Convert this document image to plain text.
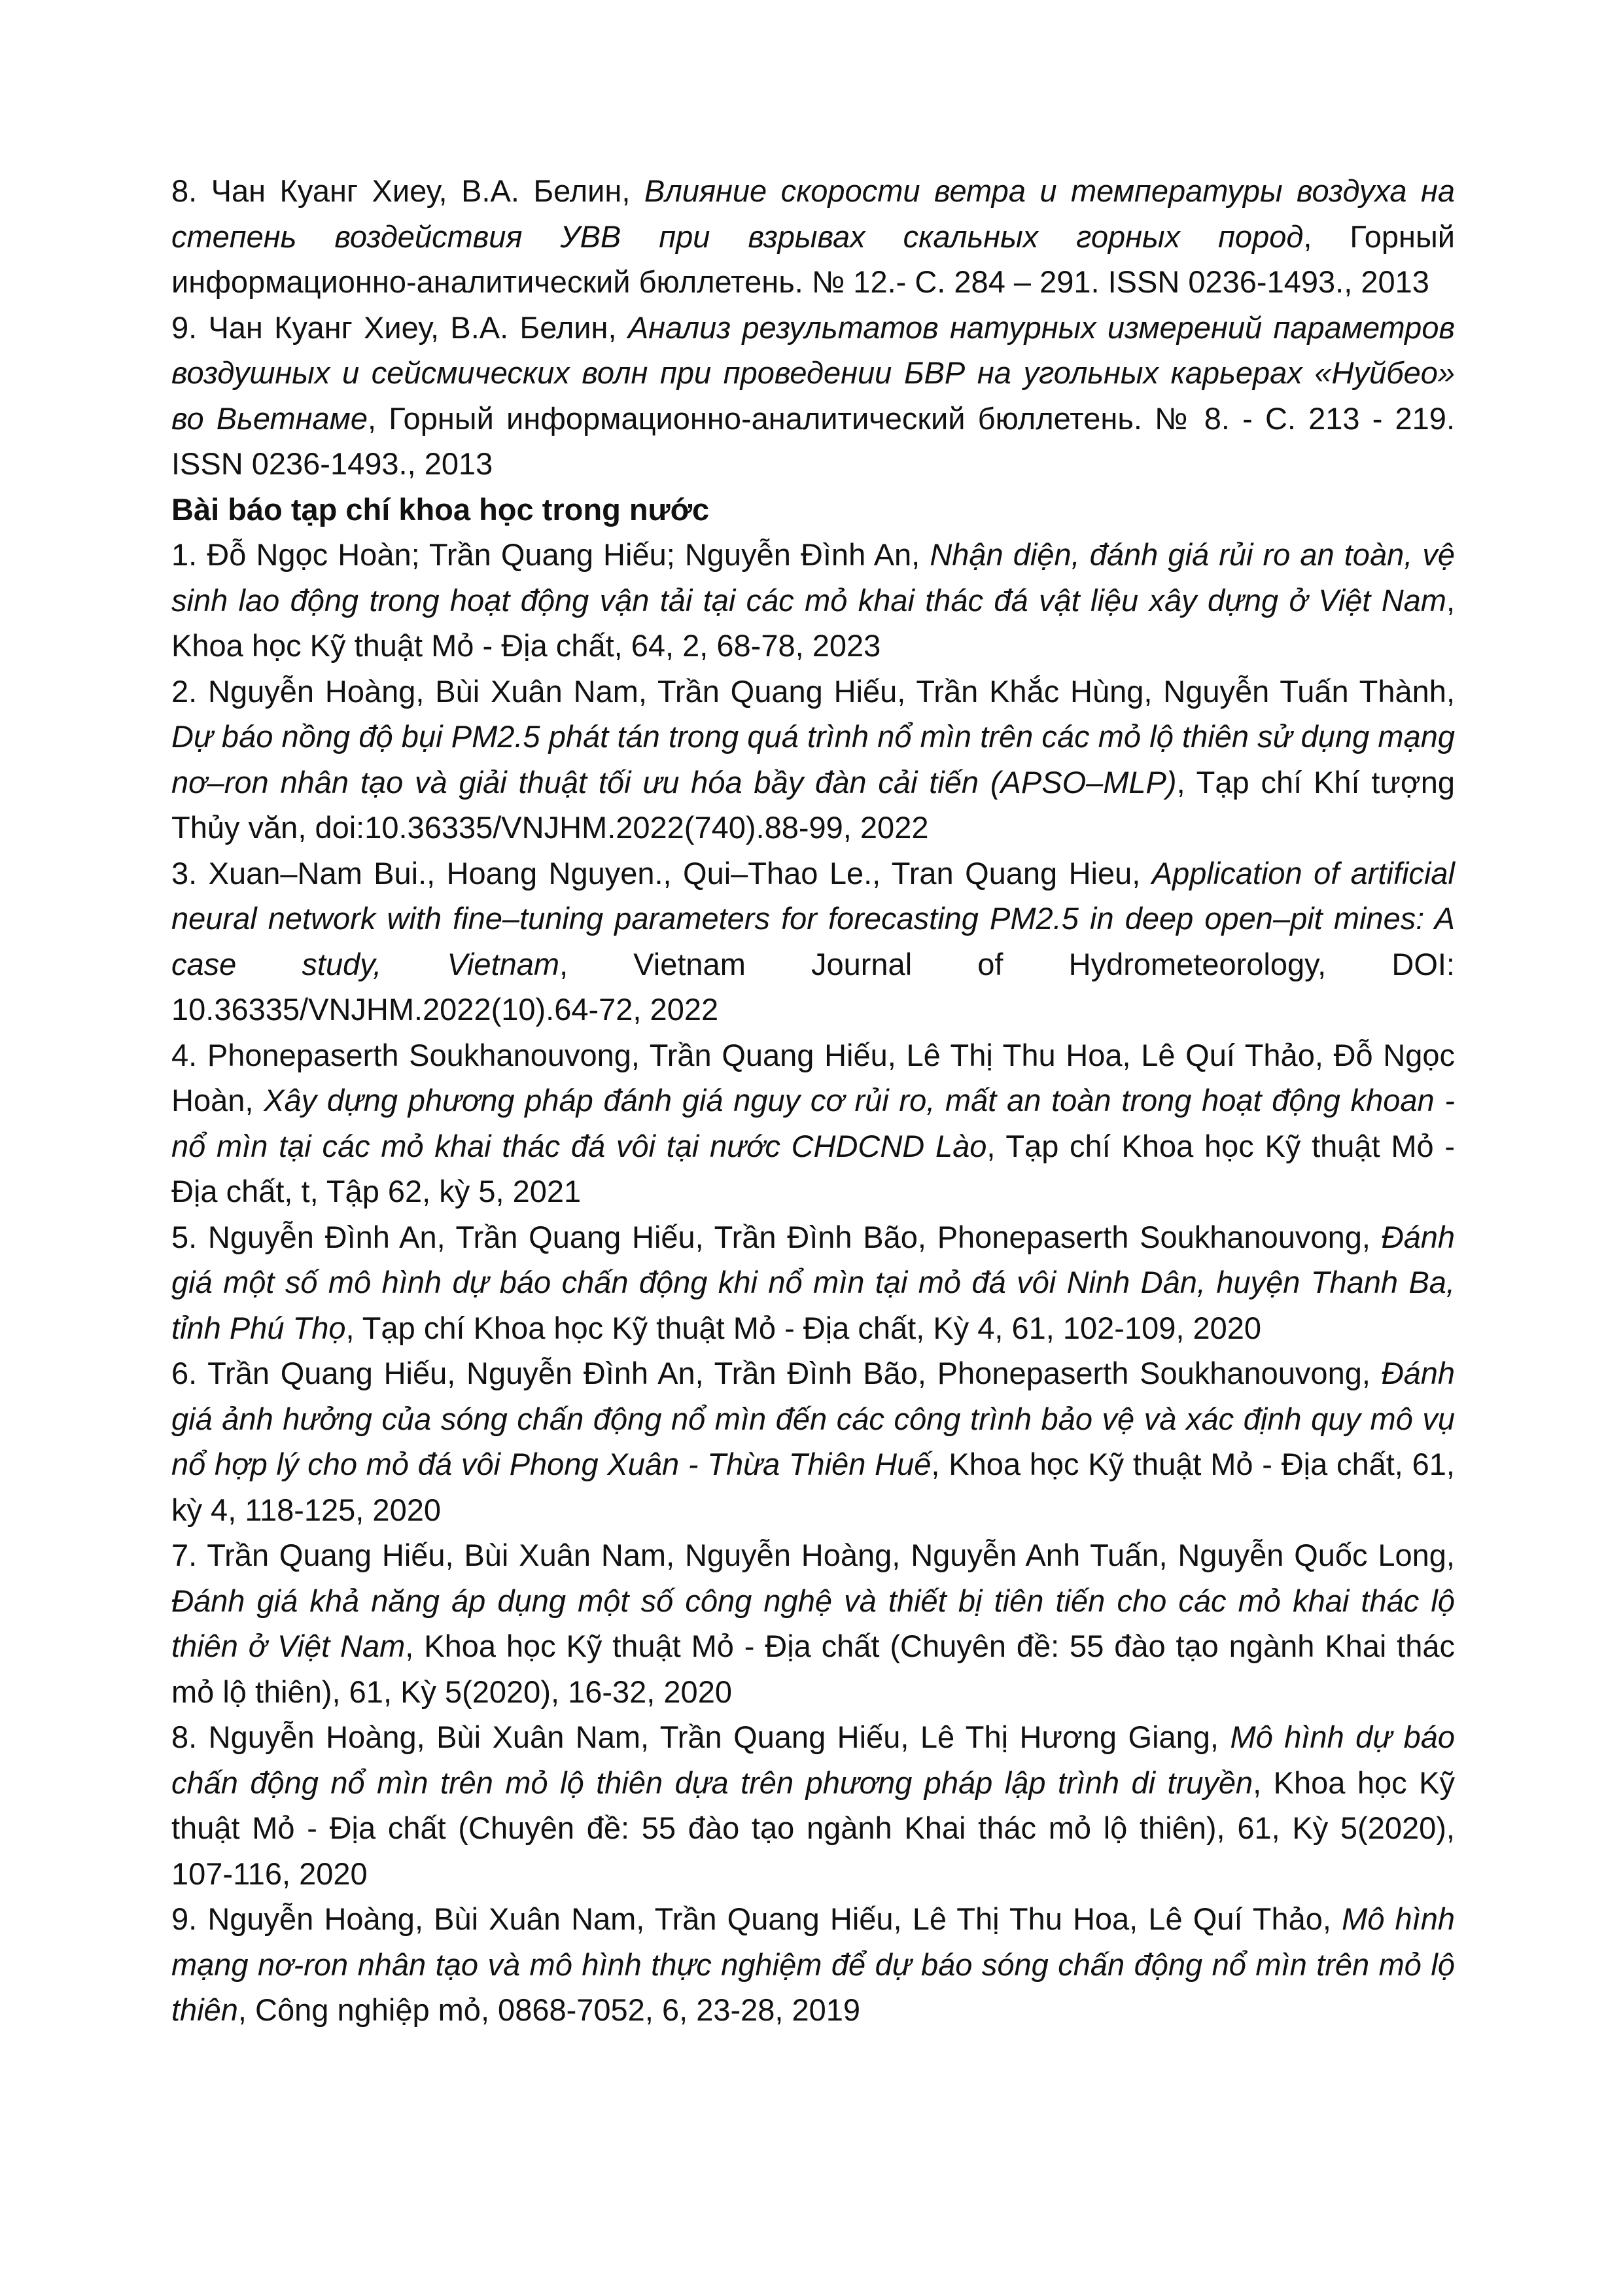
8. Чан Куанг Хиеу, В.А. Белин, Влияние скорости ветра и температуры воздуха на степень воздействия УВВ при взрывах скальных горных пород, Горный информационно-аналитический бюллетень. № 12.- С. 284 – 291. ISSN 0236-1493., 2013

9. Чан Куанг Хиеу, В.А. Белин, Анализ результатов натурных измерений параметров воздушных и сейсмических волн при проведении БВР на угольных карьерах «Нуйбео» во Вьетнаме, Горный информационно-аналитический бюллетень. № 8. - С. 213 - 219. ISSN 0236-1493., 2013

Bài báo tạp chí khoa học trong nước

1. Đỗ Ngọc Hoàn; Trần Quang Hiếu; Nguyễn Đình An, Nhận diện, đánh giá rủi ro an toàn, vệ sinh lao động trong hoạt động vận tải tại các mỏ khai thác đá vật liệu xây dựng ở Việt Nam, Khoa học Kỹ thuật Mỏ - Địa chất, 64, 2, 68-78, 2023

2. Nguyễn Hoàng, Bùi Xuân Nam, Trần Quang Hiếu, Trần Khắc Hùng, Nguyễn Tuấn Thành, Dự báo nồng độ bụi PM2.5 phát tán trong quá trình nổ mìn trên các mỏ lộ thiên sử dụng mạng nơ–ron nhân tạo và giải thuật tối ưu hóa bầy đàn cải tiến (APSO–MLP), Tạp chí Khí tượng Thủy văn, doi:10.36335/VNJHM.2022(740).88-99, 2022

3. Xuan–Nam Bui., Hoang Nguyen., Qui–Thao Le., Tran Quang Hieu, Application of artificial neural network with fine–tuning parameters for forecasting PM2.5 in deep open–pit mines: A case study, Vietnam, Vietnam Journal of Hydrometeorology, DOI: 10.36335/VNJHM.2022(10).64-72, 2022

4. Phonepaserth Soukhanouvong, Trần Quang Hiếu, Lê Thị Thu Hoa, Lê Quí Thảo, Đỗ Ngọc Hoàn, Xây dựng phương pháp đánh giá nguy cơ rủi ro, mất an toàn trong hoạt động khoan - nổ mìn tại các mỏ khai thác đá vôi tại nước CHDCND Lào, Tạp chí Khoa học Kỹ thuật Mỏ - Địa chất, t, Tập 62, kỳ 5, 2021

5. Nguyễn Đình An, Trần Quang Hiếu, Trần Đình Bão, Phonepaserth Soukhanouvong, Đánh giá một số mô hình dự báo chấn động khi nổ mìn tại mỏ đá vôi Ninh Dân, huyện Thanh Ba, tỉnh Phú Thọ, Tạp chí Khoa học Kỹ thuật Mỏ - Địa chất, Kỳ 4, 61, 102-109, 2020

6. Trần Quang Hiếu, Nguyễn Đình An, Trần Đình Bão, Phonepaserth Soukhanouvong, Đánh giá ảnh hưởng của sóng chấn động nổ mìn đến các công trình bảo vệ và xác định quy mô vụ nổ hợp lý cho mỏ đá vôi Phong Xuân - Thừa Thiên Huế, Khoa học Kỹ thuật Mỏ - Địa chất, 61, kỳ 4, 118-125, 2020

7. Trần Quang Hiếu, Bùi Xuân Nam, Nguyễn Hoàng, Nguyễn Anh Tuấn, Nguyễn Quốc Long, Đánh giá khả năng áp dụng một số công nghệ và thiết bị tiên tiến cho các mỏ khai thác lộ thiên ở Việt Nam, Khoa học Kỹ thuật Mỏ - Địa chất (Chuyên đề: 55 đào tạo ngành Khai thác mỏ lộ thiên), 61, Kỳ 5(2020), 16-32, 2020

8. Nguyễn Hoàng, Bùi Xuân Nam, Trần Quang Hiếu, Lê Thị Hương Giang, Mô hình dự báo chấn động nổ mìn trên mỏ lộ thiên dựa trên phương pháp lập trình di truyền, Khoa học Kỹ thuật Mỏ - Địa chất (Chuyên đề: 55 đào tạo ngành Khai thác mỏ lộ thiên), 61, Kỳ 5(2020), 107-116, 2020

9. Nguyễn Hoàng, Bùi Xuân Nam, Trần Quang Hiếu, Lê Thị Thu Hoa, Lê Quí Thảo, Mô hình mạng nơ-ron nhân tạo và mô hình thực nghiệm để dự báo sóng chấn động nổ mìn trên mỏ lộ thiên, Công nghiệp mỏ, 0868-7052, 6, 23-28, 2019
